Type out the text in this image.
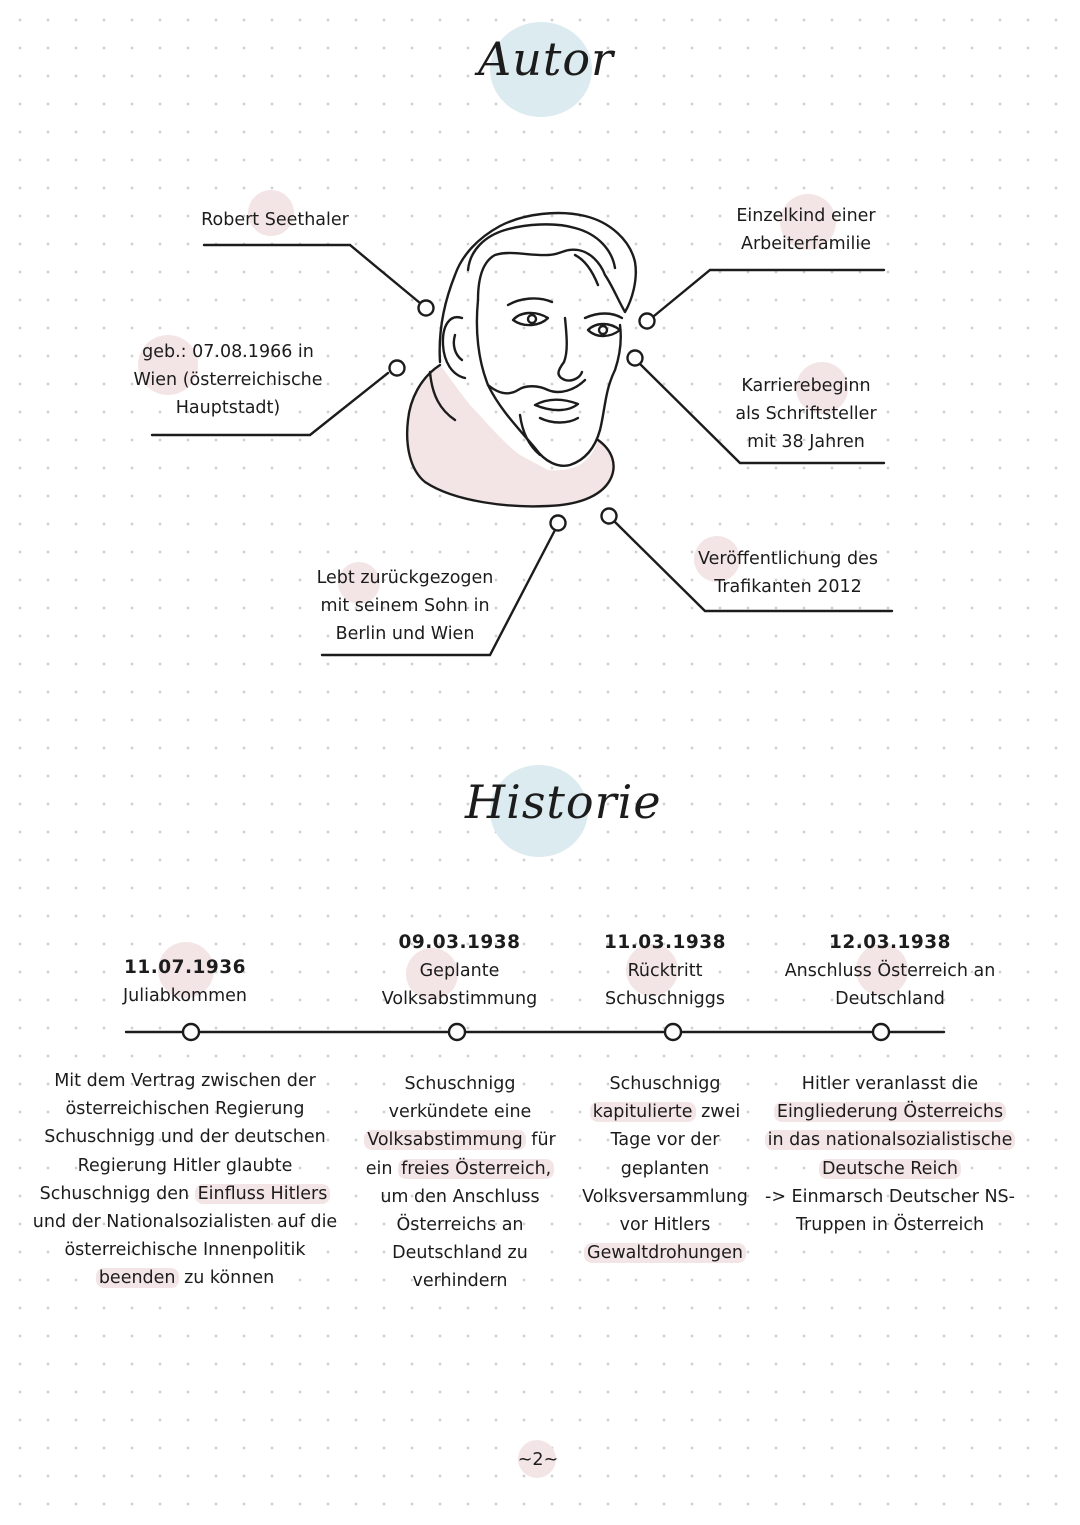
Autor
Historie
Robert Seethaler
geb.: 07.08.1966 in
Wien (österreichische
Hauptstadt)
Einzelkind einer
Arbeiterfamilie
Karrierebeginn
als Schriftsteller
mit 38 Jahren
Veröffentlichung des
Trafikanten 2012
Lebt zurückgezogen
mit seinem Sohn in
Berlin und Wien
11.07.1936
Juliabkommen
09.03.1938
Geplante
Volksabstimmung
11.03.1938
Rücktritt
Schuschniggs
12.03.1938
Anschluss Österreich an
Deutschland
Mit dem Vertrag zwischen der
österreichischen Regierung
Schuschnigg und der deutschen
Regierung Hitler glaubte
Schuschnigg den Einfluss Hitlers
und der Nationalsozialisten auf die
österreichische Innenpolitik
beenden zu können
Schuschnigg
verkündete eine
Volksabstimmung für
ein freies Österreich,
um den Anschluss
Österreichs an
Deutschland zu
verhindern
Schuschnigg
kapitulierte zwei
Tage vor der
geplanten
Volksversammlung
vor Hitlers
Gewaltdrohungen
Hitler veranlasst die
Eingliederung Österreichs
in das nationalsozialistische
Deutsche Reich
-> Einmarsch Deutscher NS-
Truppen in Österreich
~2~
